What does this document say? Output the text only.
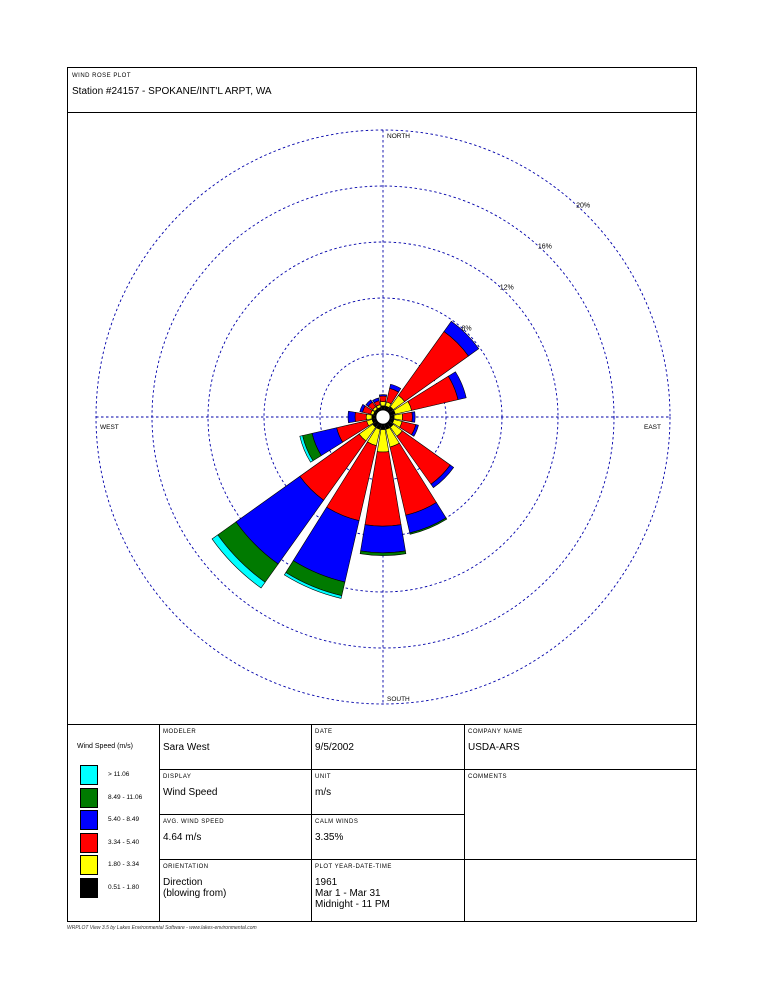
WIND ROSE PLOT
Station #24157 - SPOKANE/INT'L ARPT, WA
8%
12%
16%
20%
NORTH
SOUTH
EAST
WEST
Wind Speed (m/s)
> 11.06
8.49 - 11.06
5.40 - 8.49
3.34 - 5.40
1.80 - 3.34
0.51 - 1.80
MODELER
Sara West
DATE
9/5/2002
COMPANY NAME
USDA-ARS
DISPLAY
Wind Speed
UNIT
m/s
COMMENTS
AVG. WIND SPEED
4.64 m/s
CALM WINDS
3.35%
ORIENTATION
Direction
(blowing from)
PLOT YEAR-DATE-TIME
1961
Mar 1 - Mar 31
Midnight - 11 PM
WRPLOT View 3.5 by Lakes Environmental Software - www.lakes-environmental.com
